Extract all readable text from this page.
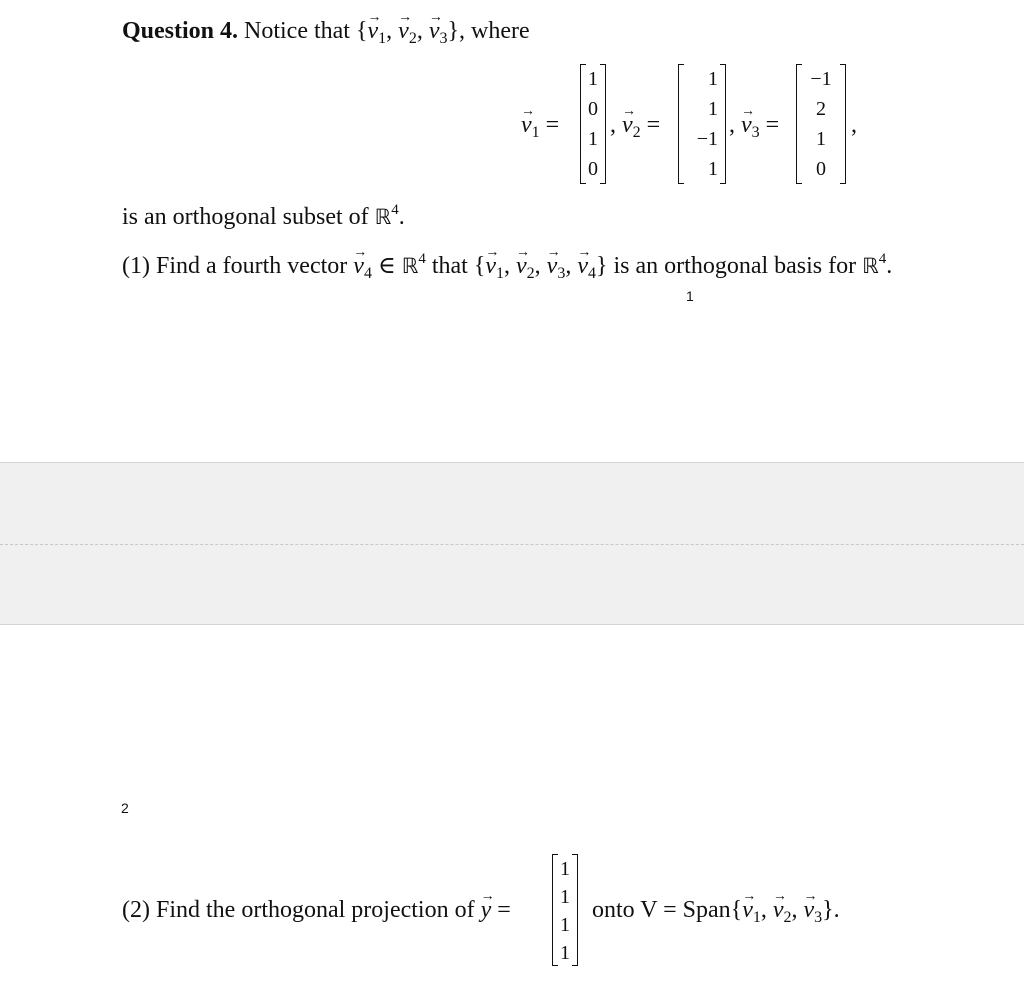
Question 4. Notice that {→ $v_1$, → $v_2$, → $v_3$}, where
→ $v_1$ =
1
0
1
0
, → $v_2$ =
1
1
−1
1
, → $v_3$ =
−1
2
1
0
,
is an orthogonal subset of ℝ$^4$.
(1) Find a fourth vector → $v_4$ ∈ ℝ$^4$ that {→ $v_1$, → $v_2$, → $v_3$, → $v_4$} is an orthogonal basis for ℝ$^4$.
1
2
(2) Find the orthogonal projection of → y =
1
1
1
1
onto V = Span{→ $v_1$, → $v_2$, → $v_3$}.
